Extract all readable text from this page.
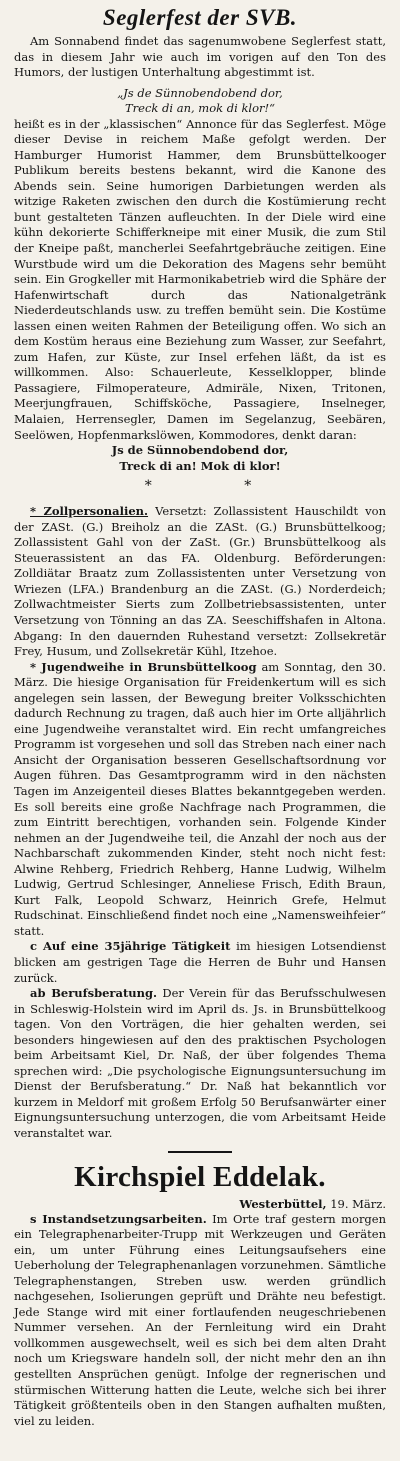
Seglerfest der SVB.

Am Sonnabend findet das sagenumwobene Seglerfest statt, das in diesem Jahr wie auch im vorigen auf den Ton des Humors, der lustigen Unterhaltung abgestimmt ist.

„Js de Sünnobendobend dor,
Treck di an, mok di klor!“

heißt es in der „klassischen“ Annonce für das Seglerfest. Möge dieser Devise in reichem Maße gefolgt werden. Der Hamburger Humorist Hammer, dem Brunsbüttelkooger Publikum bereits bestens bekannt, wird die Kanone des Abends sein. Seine humorigen Darbietungen werden als witzige Raketen zwischen den durch die Kostümierung recht bunt gestalteten Tänzen aufleuchten. In der Diele wird eine kühn dekorierte Schifferkneipe mit einer Musik, die zum Stil der Kneipe paßt, mancherlei Seefahrtgebräuche zeitigen. Eine Wurstbude wird um die Dekoration des Magens sehr bemüht sein. Ein Grogkeller mit Harmonikabetrieb wird die Sphäre der Hafenwirtschaft durch das Nationalgetränk Niederdeutschlands usw. zu treffen bemüht sein. Die Kostüme lassen einen weiten Rahmen der Beteiligung offen. Wo sich an dem Kostüm heraus eine Beziehung zum Wasser, zur Seefahrt, zum Hafen, zur Küste, zur Insel erfehen läßt, da ist es willkommen. Also: Schauerleute, Kesselklopper, blinde Passagiere, Filmoperateure, Admiräle, Nixen, Tritonen, Meerjungfrauen, Schiffsköche, Passagiere, Inselneger, Malaien, Herrensegler, Damen im Segelanzug, Seebären, Seelöwen, Hopfenmarkslöwen, Kommodores, denkt daran:

Js de Sünnobendobend dor,
Treck di an! Mok di klor!
* *

* Zollpersonalien. Versetzt: Zollassistent Hauschildt von der ZASt. (G.) Breiholz an die ZASt. (G.) Brunsbüttelkoog; Zollassistent Gahl von der ZaSt. (Gr.) Brunsbüttelkoog als Steuerassistent an das FA. Oldenburg. Beförderungen: Zolldiätar Braatz zum Zollassistenten unter Versetzung von Wriezen (LFA.) Brandenburg an die ZASt. (G.) Norderdeich; Zollwachtmeister Sierts zum Zollbetriebsassistenten, unter Versetzung von Tönning an das ZA. Seeschiffshafen in Altona. Abgang: In den dauernden Ruhestand versetzt: Zollsekretär Frey, Husum, und Zollsekretär Kühl, Itzehoe.

* Jugendweihe in Brunsbüttelkoog am Sonntag, den 30. März. Die hiesige Organisation für Freidenkertum will es sich angelegen sein lassen, der Bewegung breiter Volksschichten dadurch Rechnung zu tragen, daß auch hier im Orte alljährlich eine Jugendweihe veranstaltet wird. Ein recht umfangreiches Programm ist vorgesehen und soll das Streben nach einer nach Ansicht der Organisation besseren Gesellschaftsordnung vor Augen führen. Das Gesamtprogramm wird in den nächsten Tagen im Anzeigenteil dieses Blattes bekanntgegeben werden. Es soll bereits eine große Nachfrage nach Programmen, die zum Eintritt berechtigen, vorhanden sein. Folgende Kinder nehmen an der Jugendweihe teil, die Anzahl der noch aus der Nachbarschaft zukommenden Kinder, steht noch nicht fest: Alwine Rehberg, Friedrich Rehberg, Hanne Ludwig, Wilhelm Ludwig, Gertrud Schlesinger, Anneliese Frisch, Edith Braun, Kurt Falk, Leopold Schwarz, Heinrich Grefe, Helmut Rudschinat. Einschließend findet noch eine „Namensweihfeier“ statt.

c Auf eine 35jährige Tätigkeit im hiesigen Lotsendienst blicken am gestrigen Tage die Herren de Buhr und Hansen zurück.

ab Berufsberatung. Der Verein für das Berufsschulwesen in Schleswig-Holstein wird im April ds. Js. in Brunsbüttelkoog tagen. Von den Vorträgen, die hier gehalten werden, sei besonders hingewiesen auf den des praktischen Psychologen beim Arbeitsamt Kiel, Dr. Naß, der über folgendes Thema sprechen wird: „Die psychologische Eignungsuntersuchung im Dienst der Berufsberatung.“ Dr. Naß hat bekanntlich vor kurzem in Meldorf mit großem Erfolg 50 Berufsanwärter einer Eignungsuntersuchung unterzogen, die vom Arbeitsamt Heide veranstaltet war.

Kirchspiel Eddelak.
Westerbüttel, 19. März.

s Instandsetzungsarbeiten. Im Orte traf gestern morgen ein Telegraphenarbeiter-Trupp mit Werkzeugen und Geräten ein, um unter Führung eines Leitungsaufsehers eine Ueberholung der Telegraphenanlagen vorzunehmen. Sämtliche Telegraphenstangen, Streben usw. werden gründlich nachgesehen, Isolierungen geprüft und Drähte neu befestigt. Jede Stange wird mit einer fortlaufenden neugeschriebenen Nummer versehen. An der Fernleitung wird ein Draht vollkommen ausgewechselt, weil es sich bei dem alten Draht noch um Kriegsware handeln soll, der nicht mehr den an ihn gestellten Ansprüchen genügt. Infolge der regnerischen und stürmischen Witterung hatten die Leute, welche sich bei ihrer Tätigkeit größtenteils oben in den Stangen aufhalten mußten, viel zu leiden.
